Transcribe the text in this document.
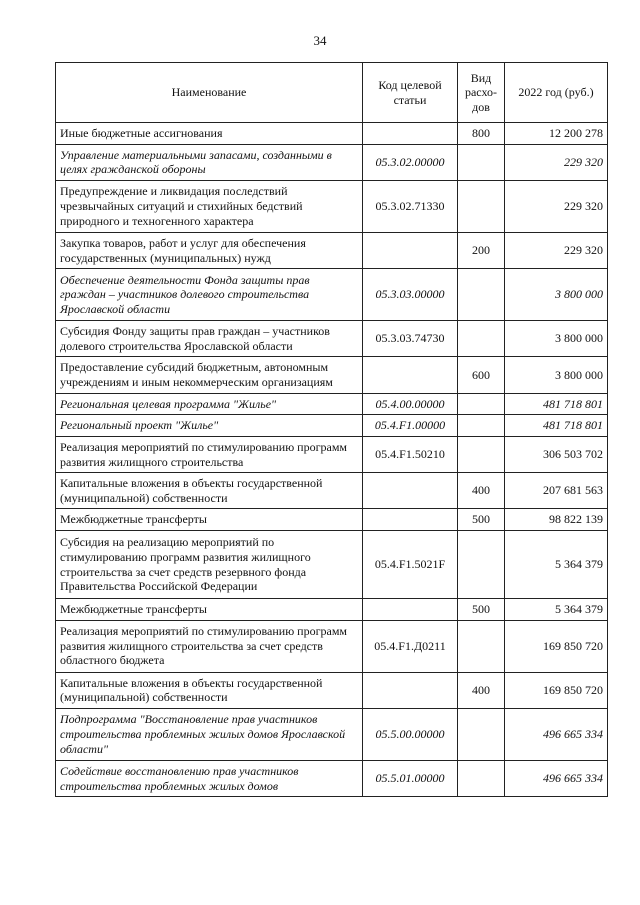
34
Наименование	Код целевой статьи	Вид расхо-дов	2022 год (руб.)
Иные бюджетные ассигнования		800	12 200 278
Управление материальными запасами, созданными в целях гражданской обороны	05.3.02.00000		229 320
Предупреждение и ликвидация последствий чрезвычайных ситуаций и стихийных бедствий природного и техногенного характера	05.3.02.71330		229 320
Закупка товаров, работ и услуг для обеспечения государственных (муниципальных) нужд		200	229 320
Обеспечение деятельности Фонда защиты прав граждан – участников долевого строительства Ярославской области	05.3.03.00000		3 800 000
Субсидия Фонду защиты прав граждан – участников долевого строительства Ярославской области	05.3.03.74730		3 800 000
Предоставление субсидий бюджетным, автономным учреждениям и иным некоммерческим организациям		600	3 800 000
Региональная целевая программа "Жилье"	05.4.00.00000		481 718 801
Региональный проект "Жилье"	05.4.F1.00000		481 718 801
Реализация мероприятий по стимулированию программ развития жилищного строительства	05.4.F1.50210		306 503 702
Капитальные вложения в объекты государственной (муниципальной) собственности		400	207 681 563
Межбюджетные трансферты		500	98 822 139
Субсидия на реализацию мероприятий по стимулированию программ развития жилищного строительства за счет средств резервного фонда Правительства Российской Федерации	05.4.F1.5021F		5 364 379
Межбюджетные трансферты		500	5 364 379
Реализация мероприятий по стимулированию программ развития жилищного строительства за счет средств областного бюджета	05.4.F1.Д0211		169 850 720
Капитальные вложения в объекты государственной (муниципальной) собственности		400	169 850 720
Подпрограмма "Восстановление прав участников строительства проблемных жилых домов Ярославской области"	05.5.00.00000		496 665 334
Содействие восстановлению прав участников строительства проблемных жилых домов	05.5.01.00000		496 665 334
